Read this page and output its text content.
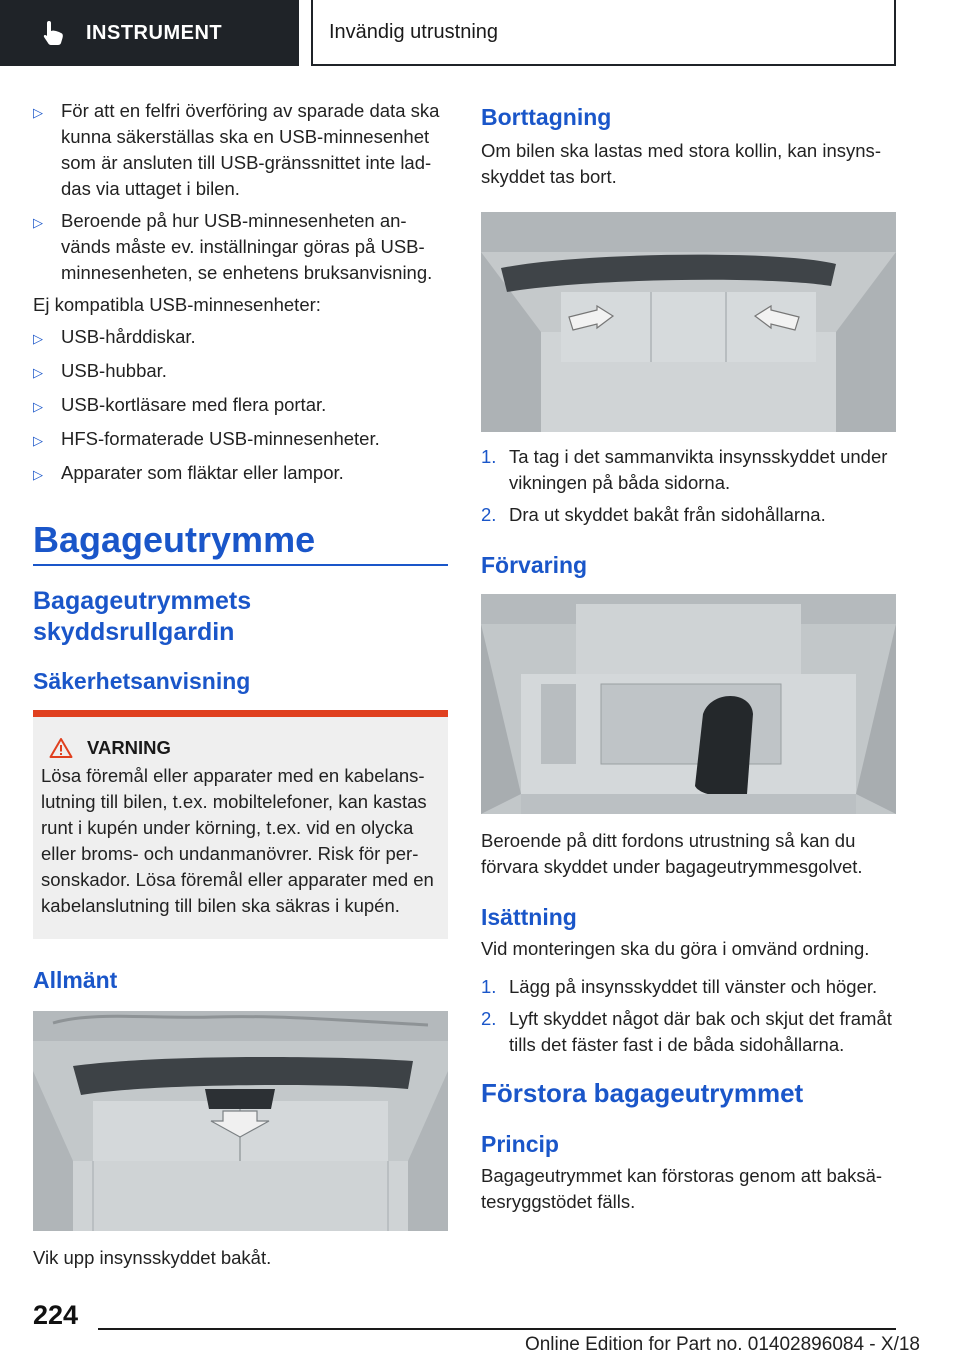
INSTRUMENT	Invändig utrustning
▷ För att en felfri överföring av sparade data ska kunna säkerställas ska en USB-minnesenhet som är ansluten till USB-gränssnittet inte laddas via uttaget i bilen.
▷ Beroende på hur USB-minnesenheten används måste ev. inställningar göras på USB-minnesenheten, se enhetens bruksanvisning.
Ej kompatibla USB-minnesenheter:
▷ USB-hårddiskar.
▷ USB-hubbar.
▷ USB-kortläsare med flera portar.
▷ HFS-formaterade USB-minnesenheter.
▷ Apparater som fläktar eller lampor.
Bagageutrymme
Bagageutrymmets skyddsrullgardin
Säkerhetsanvisning
VARNING
Lösa föremål eller apparater med en kabelanslutning till bilen, t.ex. mobiltelefoner, kan kastas runt i kupén under körning, t.ex. vid en olycka eller broms- och undanmanövrer. Risk för personskador. Lösa föremål eller apparater med en kabelanslutning till bilen ska säkras i kupén.
Allmänt
Vik upp insynsskyddet bakåt.
Borttagning
Om bilen ska lastas med stora kollin, kan insynsskyddet tas bort.
1. Ta tag i det sammanvikta insynsskyddet under vikningen på båda sidorna.
2. Dra ut skyddet bakåt från sidohållarna.
Förvaring
Beroende på ditt fordons utrustning så kan du förvara skyddet under bagageutrymmesgolvet.
Isättning
Vid monteringen ska du göra i omvänd ordning.
1. Lägg på insynsskyddet till vänster och höger.
2. Lyft skyddet något där bak och skjut det framåt tills det fäster fast i de båda sidohållarna.
Förstora bagageutrymmet
Princip
Bagageutrymmet kan förstoras genom att baksätesryggstödet fälls.
224
Online Edition for Part no. 01402896084 - X/18
